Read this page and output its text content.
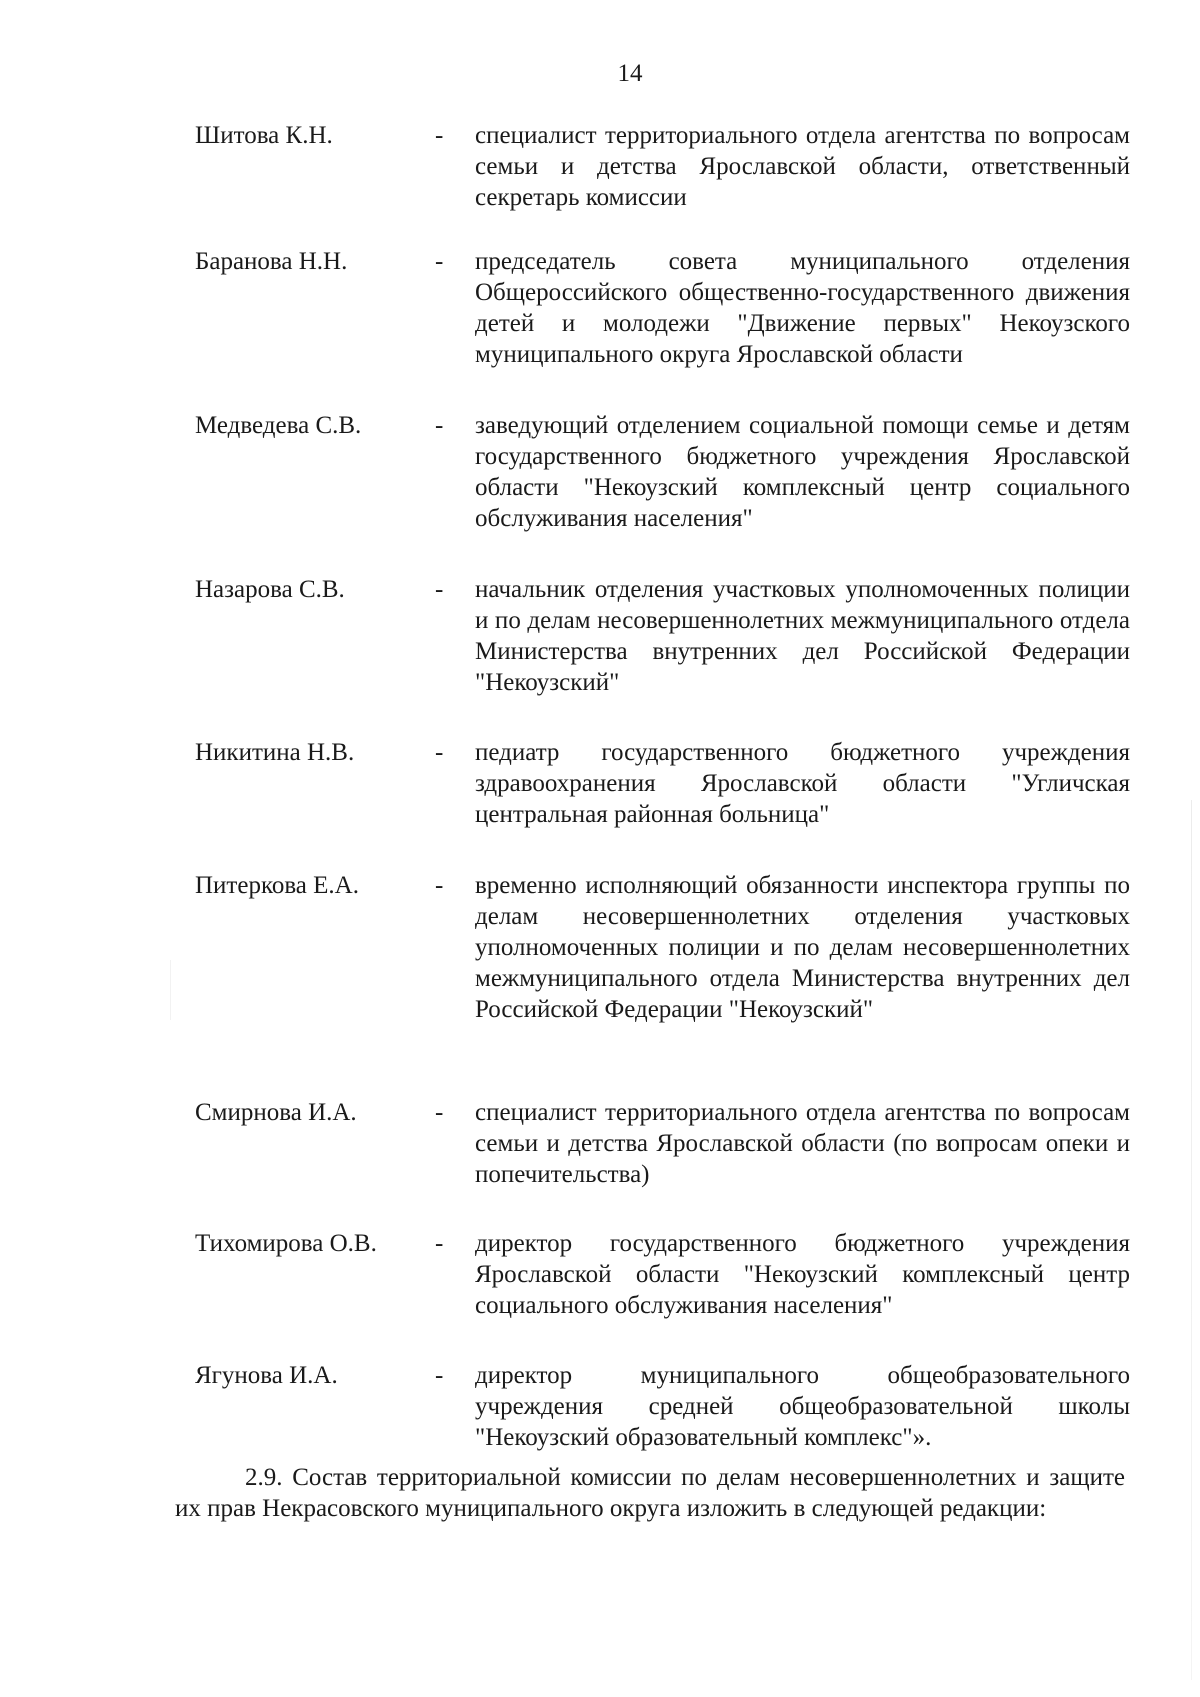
14
Шитова К.Н.	-	специалист территориального отдела агентства по вопросам семьи и детства Ярославской области, ответственный секретарь комиссии
Баранова Н.Н.	-	председатель совета муниципального отделения Общероссийского общественно-государственного движения детей и молодежи "Движение первых" Некоузского муниципального округа Ярославской области
Медведева С.В.	-	заведующий отделением социальной помощи семье и детям государственного бюджетного учреждения Ярославской области "Некоузский комплексный центр социального обслуживания населения"
Назарова С.В.	-	начальник отделения участковых уполномоченных полиции и по делам несовершеннолетних межмуниципального отдела Министерства внутренних дел Российской Федерации "Некоузский"
Никитина Н.В.	-	педиатр государственного бюджетного учреждения здравоохранения Ярославской области "Угличская центральная районная больница"
Питеркова Е.А.	-	временно исполняющий обязанности инспектора группы по делам несовершеннолетних отделения участковых уполномоченных полиции и по делам несовершеннолетних межмуниципального отдела Министерства внутренних дел Российской Федерации "Некоузский"
Смирнова И.А.	-	специалист территориального отдела агентства по вопросам семьи и детства Ярославской области (по вопросам опеки и попечительства)
Тихомирова О.В.	-	директор государственного бюджетного учреждения Ярославской области "Некоузский комплексный центр социального обслуживания населения"
Ягунова И.А.	-	директор муниципального общеобразовательного учреждения средней общеобразовательной школы "Некоузский образовательный комплекс"».
2.9. Состав территориальной комиссии по делам несовершеннолетних и защите их прав Некрасовского муниципального округа изложить в следующей редакции:
